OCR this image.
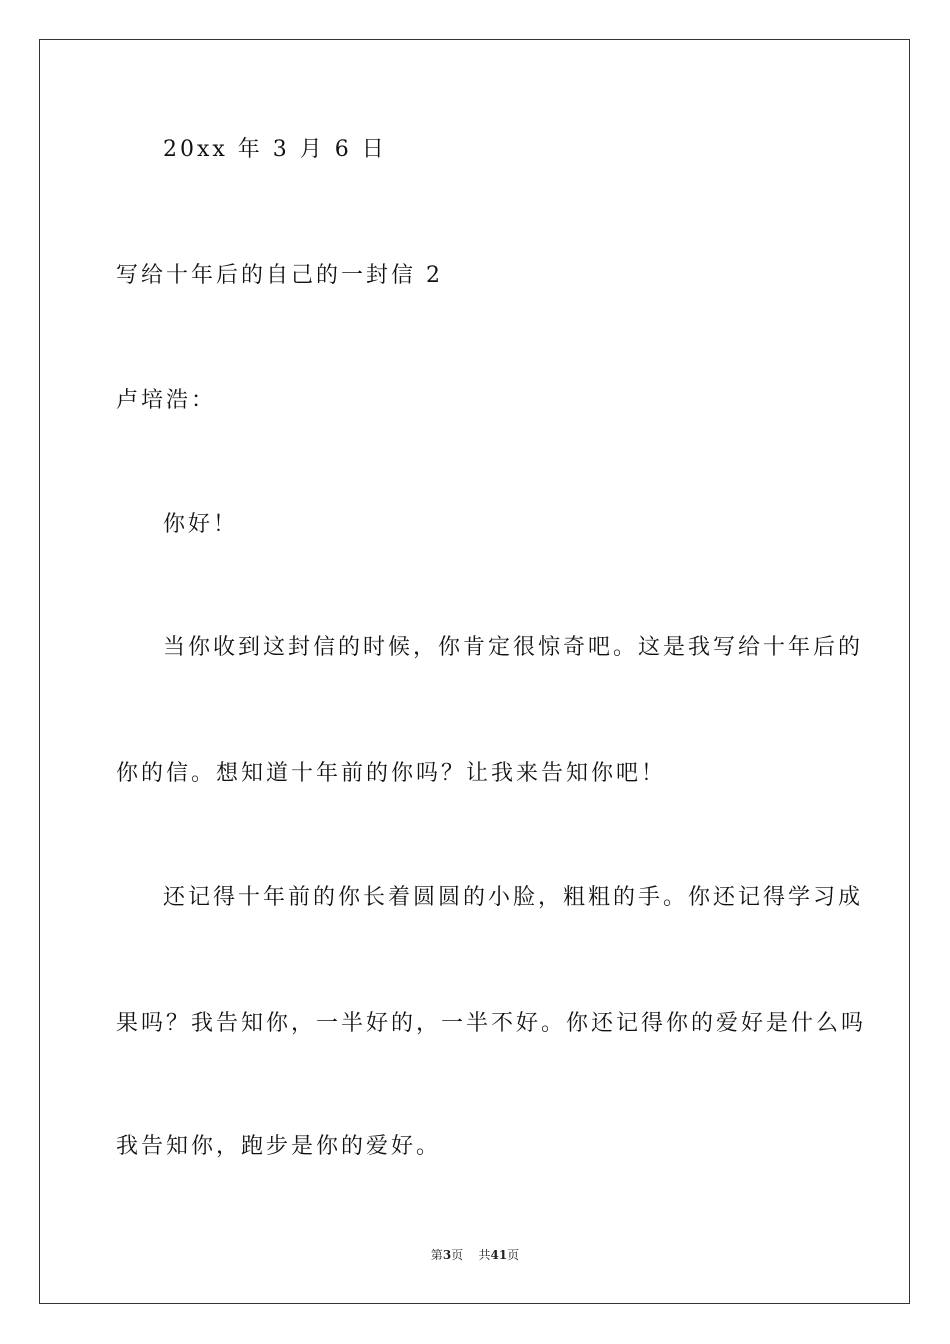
20xx 年 3 月 6 日
写给十年后的自己的一封信 2
卢培浩：
你好！
当你收到这封信的时候，你肯定很惊奇吧。这是我写给十年后的
你的信。想知道十年前的你吗？让我来告知你吧！
还记得十年前的你长着圆圆的小脸，粗粗的手。你还记得学习成
果吗？我告知你，一半好的，一半不好。你还记得你的爱好是什么吗
我告知你，跑步是你的爱好。
第3页 共41页
